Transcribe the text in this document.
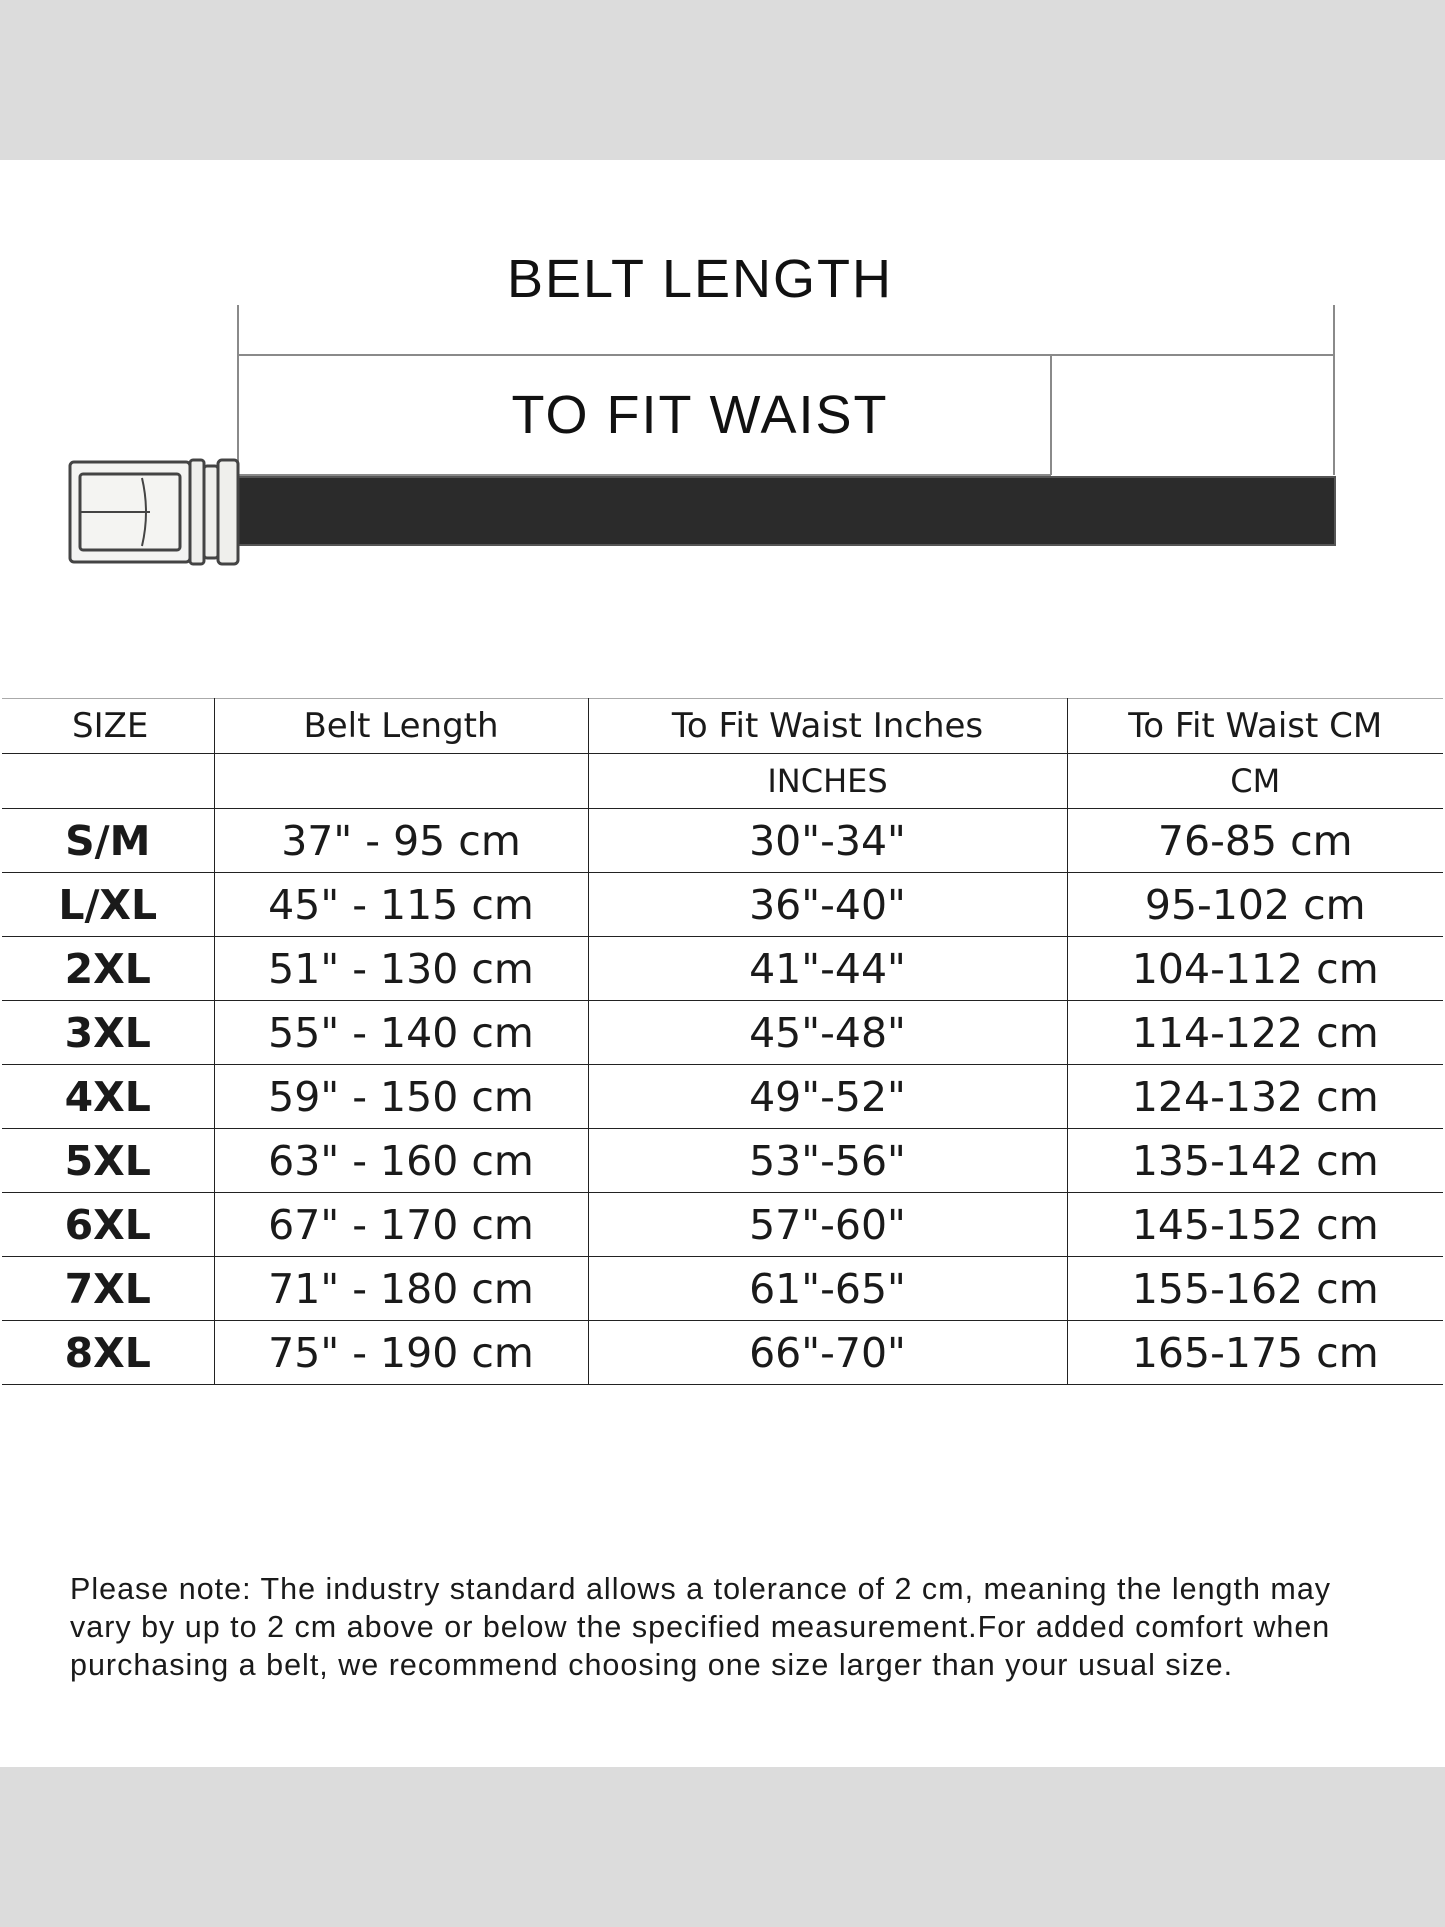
BELT LENGTH
TO FIT WAIST
SIZE	Belt Length	To Fit Waist Inches	To Fit Waist CM
		INCHES	CM
S/M	37" - 95 cm	30"-34"	76-85 cm
L/XL	45" - 115 cm	36"-40"	95-102 cm
2XL	51" - 130 cm	41"-44"	104-112 cm
3XL	55" - 140 cm	45"-48"	114-122 cm
4XL	59" - 150 cm	49"-52"	124-132 cm
5XL	63" - 160 cm	53"-56"	135-142 cm
6XL	67" - 170 cm	57"-60"	145-152 cm
7XL	71" - 180 cm	61"-65"	155-162 cm
8XL	75" - 190 cm	66"-70"	165-175 cm
Please note: The industry standard allows a tolerance of 2 cm, meaning the length may vary by up to 2 cm above or below the specified measurement.For added comfort when purchasing a belt, we recommend choosing one size larger than your usual size.
